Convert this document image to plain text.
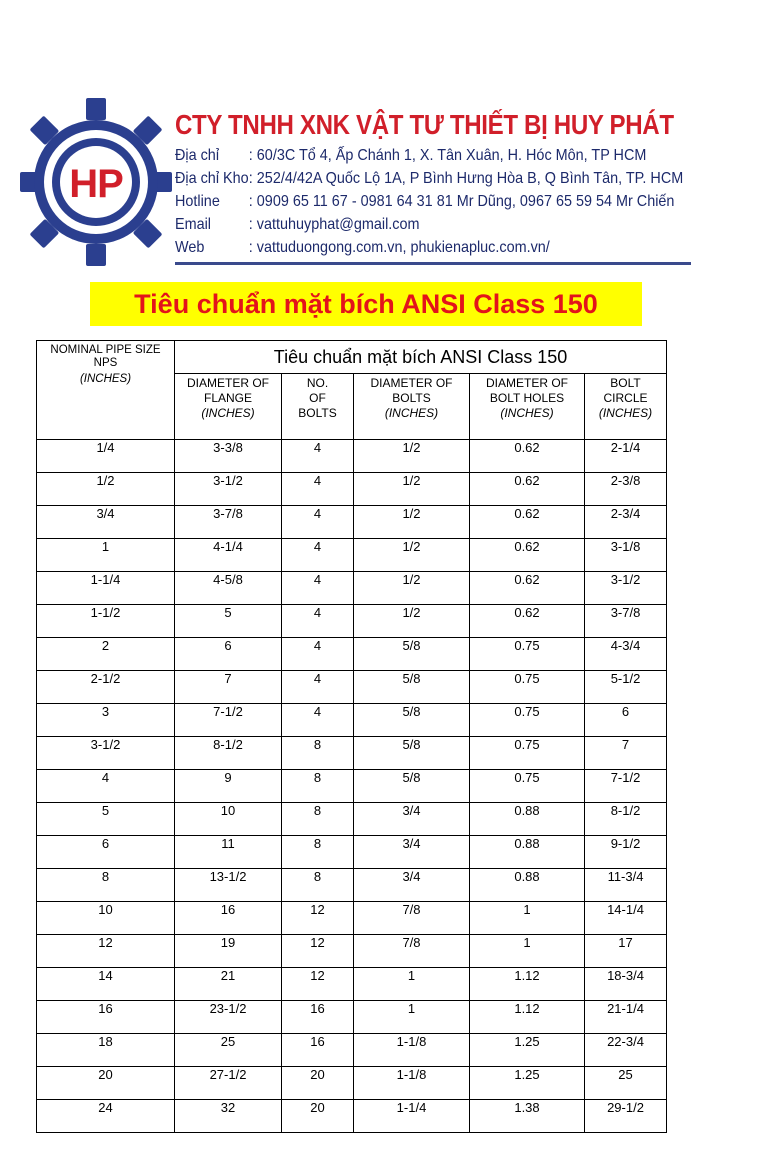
HP
CTY TNHH XNK VẬT TƯ THIẾT BỊ HUY PHÁT
Địa chỉ	: 60/3C Tổ 4, Ấp Chánh 1, X. Tân Xuân, H. Hóc Môn, TP HCM
Địa chỉ Kho : 252/4/42A Quốc Lộ 1A, P Bình Hưng Hòa B, Q Bình Tân, TP. HCM
Hotline	: 0909 65 11 67 - 0981 64 31 81 Mr Dũng, 0967 65 59 54 Mr Chiến
Email	: vattuhuyphat@gmail.com
Web	: vattuduongong.com.vn, phukienapluc.com.vn/
Tiêu chuẩn mặt bích ANSI Class 150
NOMINAL PIPE SIZE
NPS
(INCHES)	Tiêu chuẩn mặt bích ANSI Class 150				

	DIAMETER OF
FLANGE
(INCHES)	NO.
OF
BOLTS	DIAMETER OF
BOLTS
(INCHES)	DIAMETER OF
BOLT HOLES
(INCHES)	BOLT
CIRCLE
(INCHES)

1/4	3-3/8	4	1/2	0.62	2-1/4
1/2	3-1/2	4	1/2	0.62	2-3/8
3/4	3-7/8	4	1/2	0.62	2-3/4
1	4-1/4	4	1/2	0.62	3-1/8
1-1/4	4-5/8	4	1/2	0.62	3-1/2
1-1/2	5	4	1/2	0.62	3-7/8
2	6	4	5/8	0.75	4-3/4
2-1/2	7	4	5/8	0.75	5-1/2
3	7-1/2	4	5/8	0.75	6
3-1/2	8-1/2	8	5/8	0.75	7
4	9	8	5/8	0.75	7-1/2
5	10	8	3/4	0.88	8-1/2
6	11	8	3/4	0.88	9-1/2
8	13-1/2	8	3/4	0.88	11-3/4
10	16	12	7/8	1	14-1/4
12	19	12	7/8	1	17
14	21	12	1	1.12	18-3/4
16	23-1/2	16	1	1.12	21-1/4
18	25	16	1-1/8	1.25	22-3/4
20	27-1/2	20	1-1/8	1.25	25
24	32	20	1-1/4	1.38	29-1/2
